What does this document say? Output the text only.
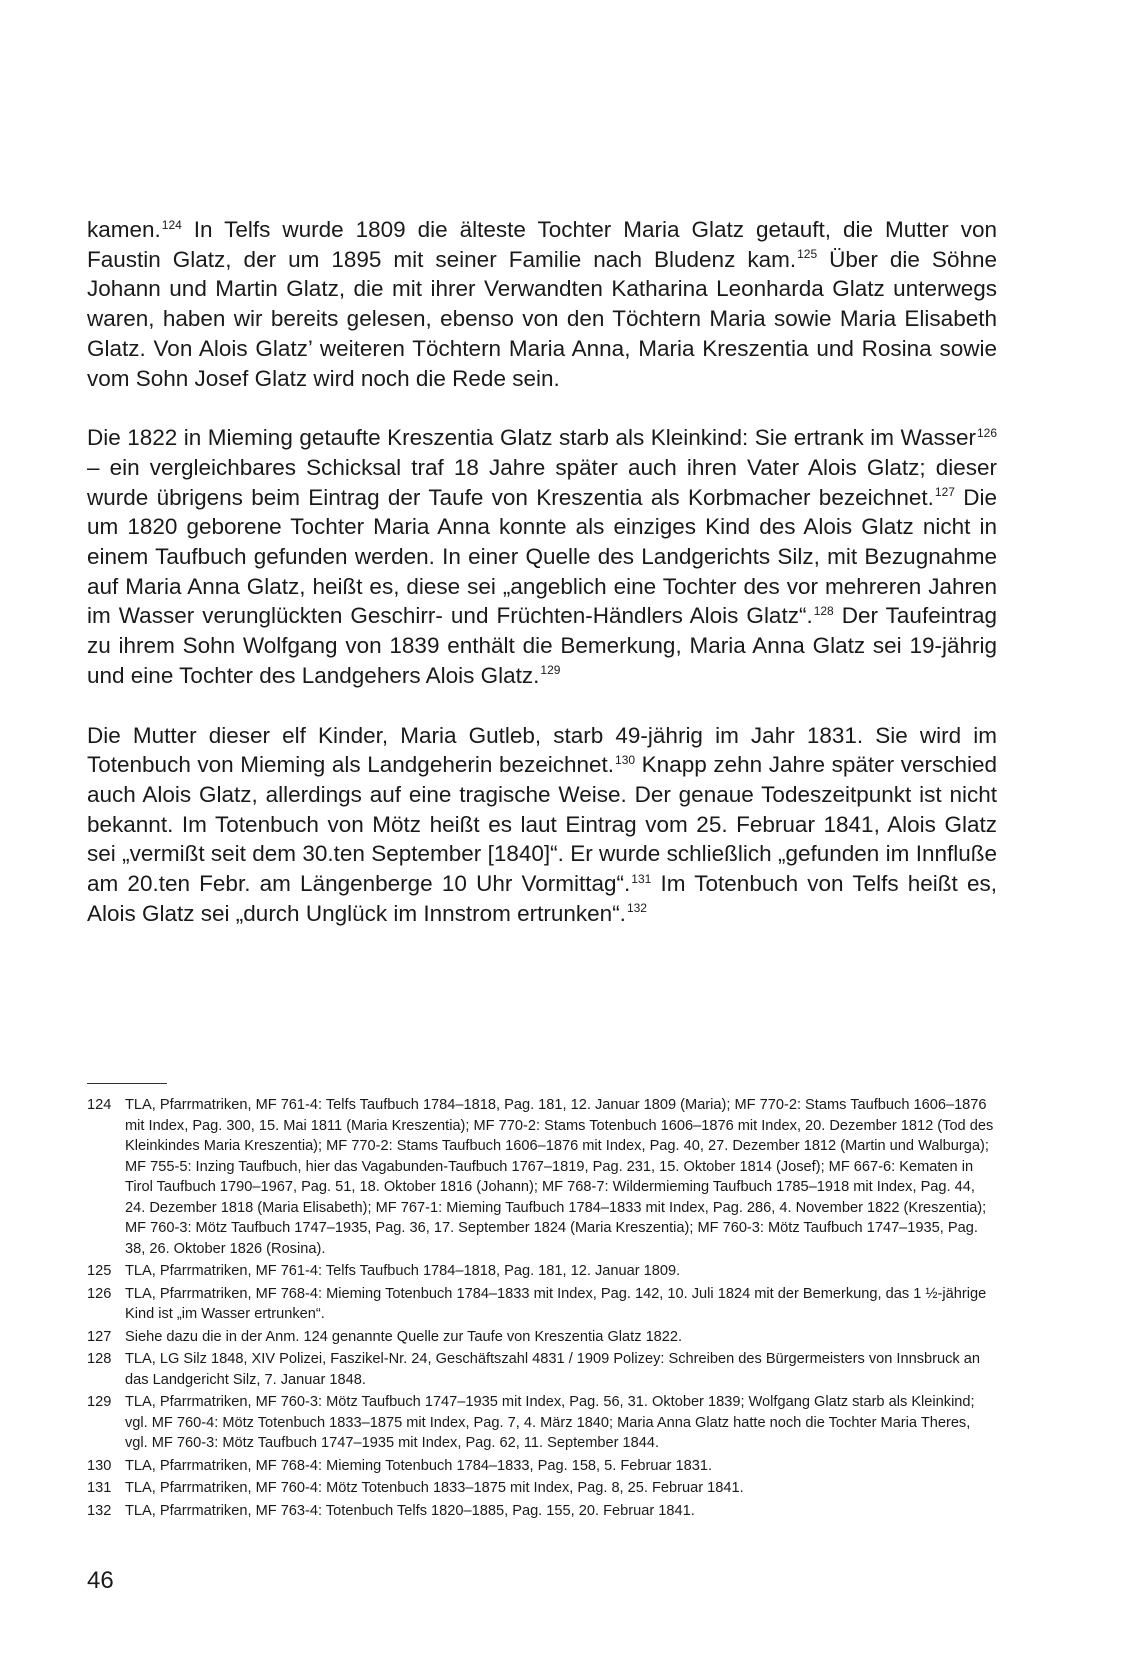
kamen.$^{124}$ In Telfs wurde 1809 die älteste Tochter Maria Glatz getauft, die Mutter von Faustin Glatz, der um 1895 mit seiner Familie nach Bludenz kam.$^{125}$ Über die Söhne Johann und Martin Glatz, die mit ihrer Verwandten Katharina Leonharda Glatz unterwegs waren, haben wir bereits gelesen, ebenso von den Töchtern Maria sowie Maria Elisabeth Glatz. Von Alois Glatz’ weiteren Töchtern Maria Anna, Maria Kreszentia und Rosina sowie vom Sohn Josef Glatz wird noch die Rede sein.

Die 1822 in Mieming getaufte Kreszentia Glatz starb als Kleinkind: Sie ertrank im Wasser$^{126}$ – ein vergleichbares Schicksal traf 18 Jahre später auch ihren Vater Alois Glatz; dieser wurde übrigens beim Eintrag der Taufe von Kreszentia als Korbmacher bezeichnet.$^{127}$ Die um 1820 geborene Tochter Maria Anna konnte als einziges Kind des Alois Glatz nicht in einem Taufbuch gefunden werden. In einer Quelle des Landgerichts Silz, mit Bezugnahme auf Maria Anna Glatz, heißt es, diese sei „angeblich eine Tochter des vor mehreren Jahren im Wasser verunglückten Geschirr- und Früchten-Händlers Alois Glatz“.$^{128}$ Der Taufeintrag zu ihrem Sohn Wolfgang von 1839 enthält die Bemerkung, Maria Anna Glatz sei 19-jährig und eine Tochter des Landgehers Alois Glatz.$^{129}$

Die Mutter dieser elf Kinder, Maria Gutleb, starb 49-jährig im Jahr 1831. Sie wird im Totenbuch von Mieming als Landgeherin bezeichnet.$^{130}$ Knapp zehn Jahre später verschied auch Alois Glatz, allerdings auf eine tragische Weise. Der genaue Todeszeitpunkt ist nicht bekannt. Im Totenbuch von Mötz heißt es laut Eintrag vom 25. Februar 1841, Alois Glatz sei „vermißt seit dem 30.ten September [1840]“. Er wurde schließlich „gefunden im Innfluße am 20.ten Febr. am Längenberge 10 Uhr Vormittag“.$^{131}$ Im Totenbuch von Telfs heißt es, Alois Glatz sei „durch Unglück im Innstrom ertrunken“.$^{132}$

124 TLA, Pfarrmatriken, MF 761-4: Telfs Taufbuch 1784–1818, Pag. 181, 12. Januar 1809 (Maria); MF 770-2: Stams Taufbuch 1606–1876 mit Index, Pag. 300, 15. Mai 1811 (Maria Kreszentia); MF 770-2: Stams Totenbuch 1606–1876 mit Index, 20. Dezember 1812 (Tod des Kleinkindes Maria Kreszentia); MF 770-2: Stams Taufbuch 1606–1876 mit Index, Pag. 40, 27. Dezember 1812 (Martin und Walburga); MF 755-5: Inzing Taufbuch, hier das Vagabunden-Taufbuch 1767–1819, Pag. 231, 15. Oktober 1814 (Josef); MF 667-6: Kematen in Tirol Taufbuch 1790–1967, Pag. 51, 18. Oktober 1816 (Johann); MF 768-7: Wildermieming Taufbuch 1785–1918 mit Index, Pag. 44, 24. Dezember 1818 (Maria Elisabeth); MF 767-1: Mieming Taufbuch 1784–1833 mit Index, Pag. 286, 4. November 1822 (Kreszentia); MF 760-3: Mötz Taufbuch 1747–1935, Pag. 36, 17. September 1824 (Maria Kreszentia); MF 760-3: Mötz Taufbuch 1747–1935, Pag. 38, 26. Oktober 1826 (Rosina).
125 TLA, Pfarrmatriken, MF 761-4: Telfs Taufbuch 1784–1818, Pag. 181, 12. Januar 1809.
126 TLA, Pfarrmatriken, MF 768-4: Mieming Totenbuch 1784–1833 mit Index, Pag. 142, 10. Juli 1824 mit der Bemerkung, das 1 ½-jährige Kind ist „im Wasser ertrunken“.
127 Siehe dazu die in der Anm. 124 genannte Quelle zur Taufe von Kreszentia Glatz 1822.
128 TLA, LG Silz 1848, XIV Polizei, Faszikel-Nr. 24, Geschäftszahl 4831 / 1909 Polizey: Schreiben des Bürgermeisters von Innsbruck an das Landgericht Silz, 7. Januar 1848.
129 TLA, Pfarrmatriken, MF 760-3: Mötz Taufbuch 1747–1935 mit Index, Pag. 56, 31. Oktober 1839; Wolfgang Glatz starb als Kleinkind; vgl. MF 760-4: Mötz Totenbuch 1833–1875 mit Index, Pag. 7, 4. März 1840; Maria Anna Glatz hatte noch die Tochter Maria Theres, vgl. MF 760-3: Mötz Taufbuch 1747–1935 mit Index, Pag. 62, 11. September 1844.
130 TLA, Pfarrmatriken, MF 768-4: Mieming Totenbuch 1784–1833, Pag. 158, 5. Februar 1831.
131 TLA, Pfarrmatriken, MF 760-4: Mötz Totenbuch 1833–1875 mit Index, Pag. 8, 25. Februar 1841.
132 TLA, Pfarrmatriken, MF 763-4: Totenbuch Telfs 1820–1885, Pag. 155, 20. Februar 1841.
46
